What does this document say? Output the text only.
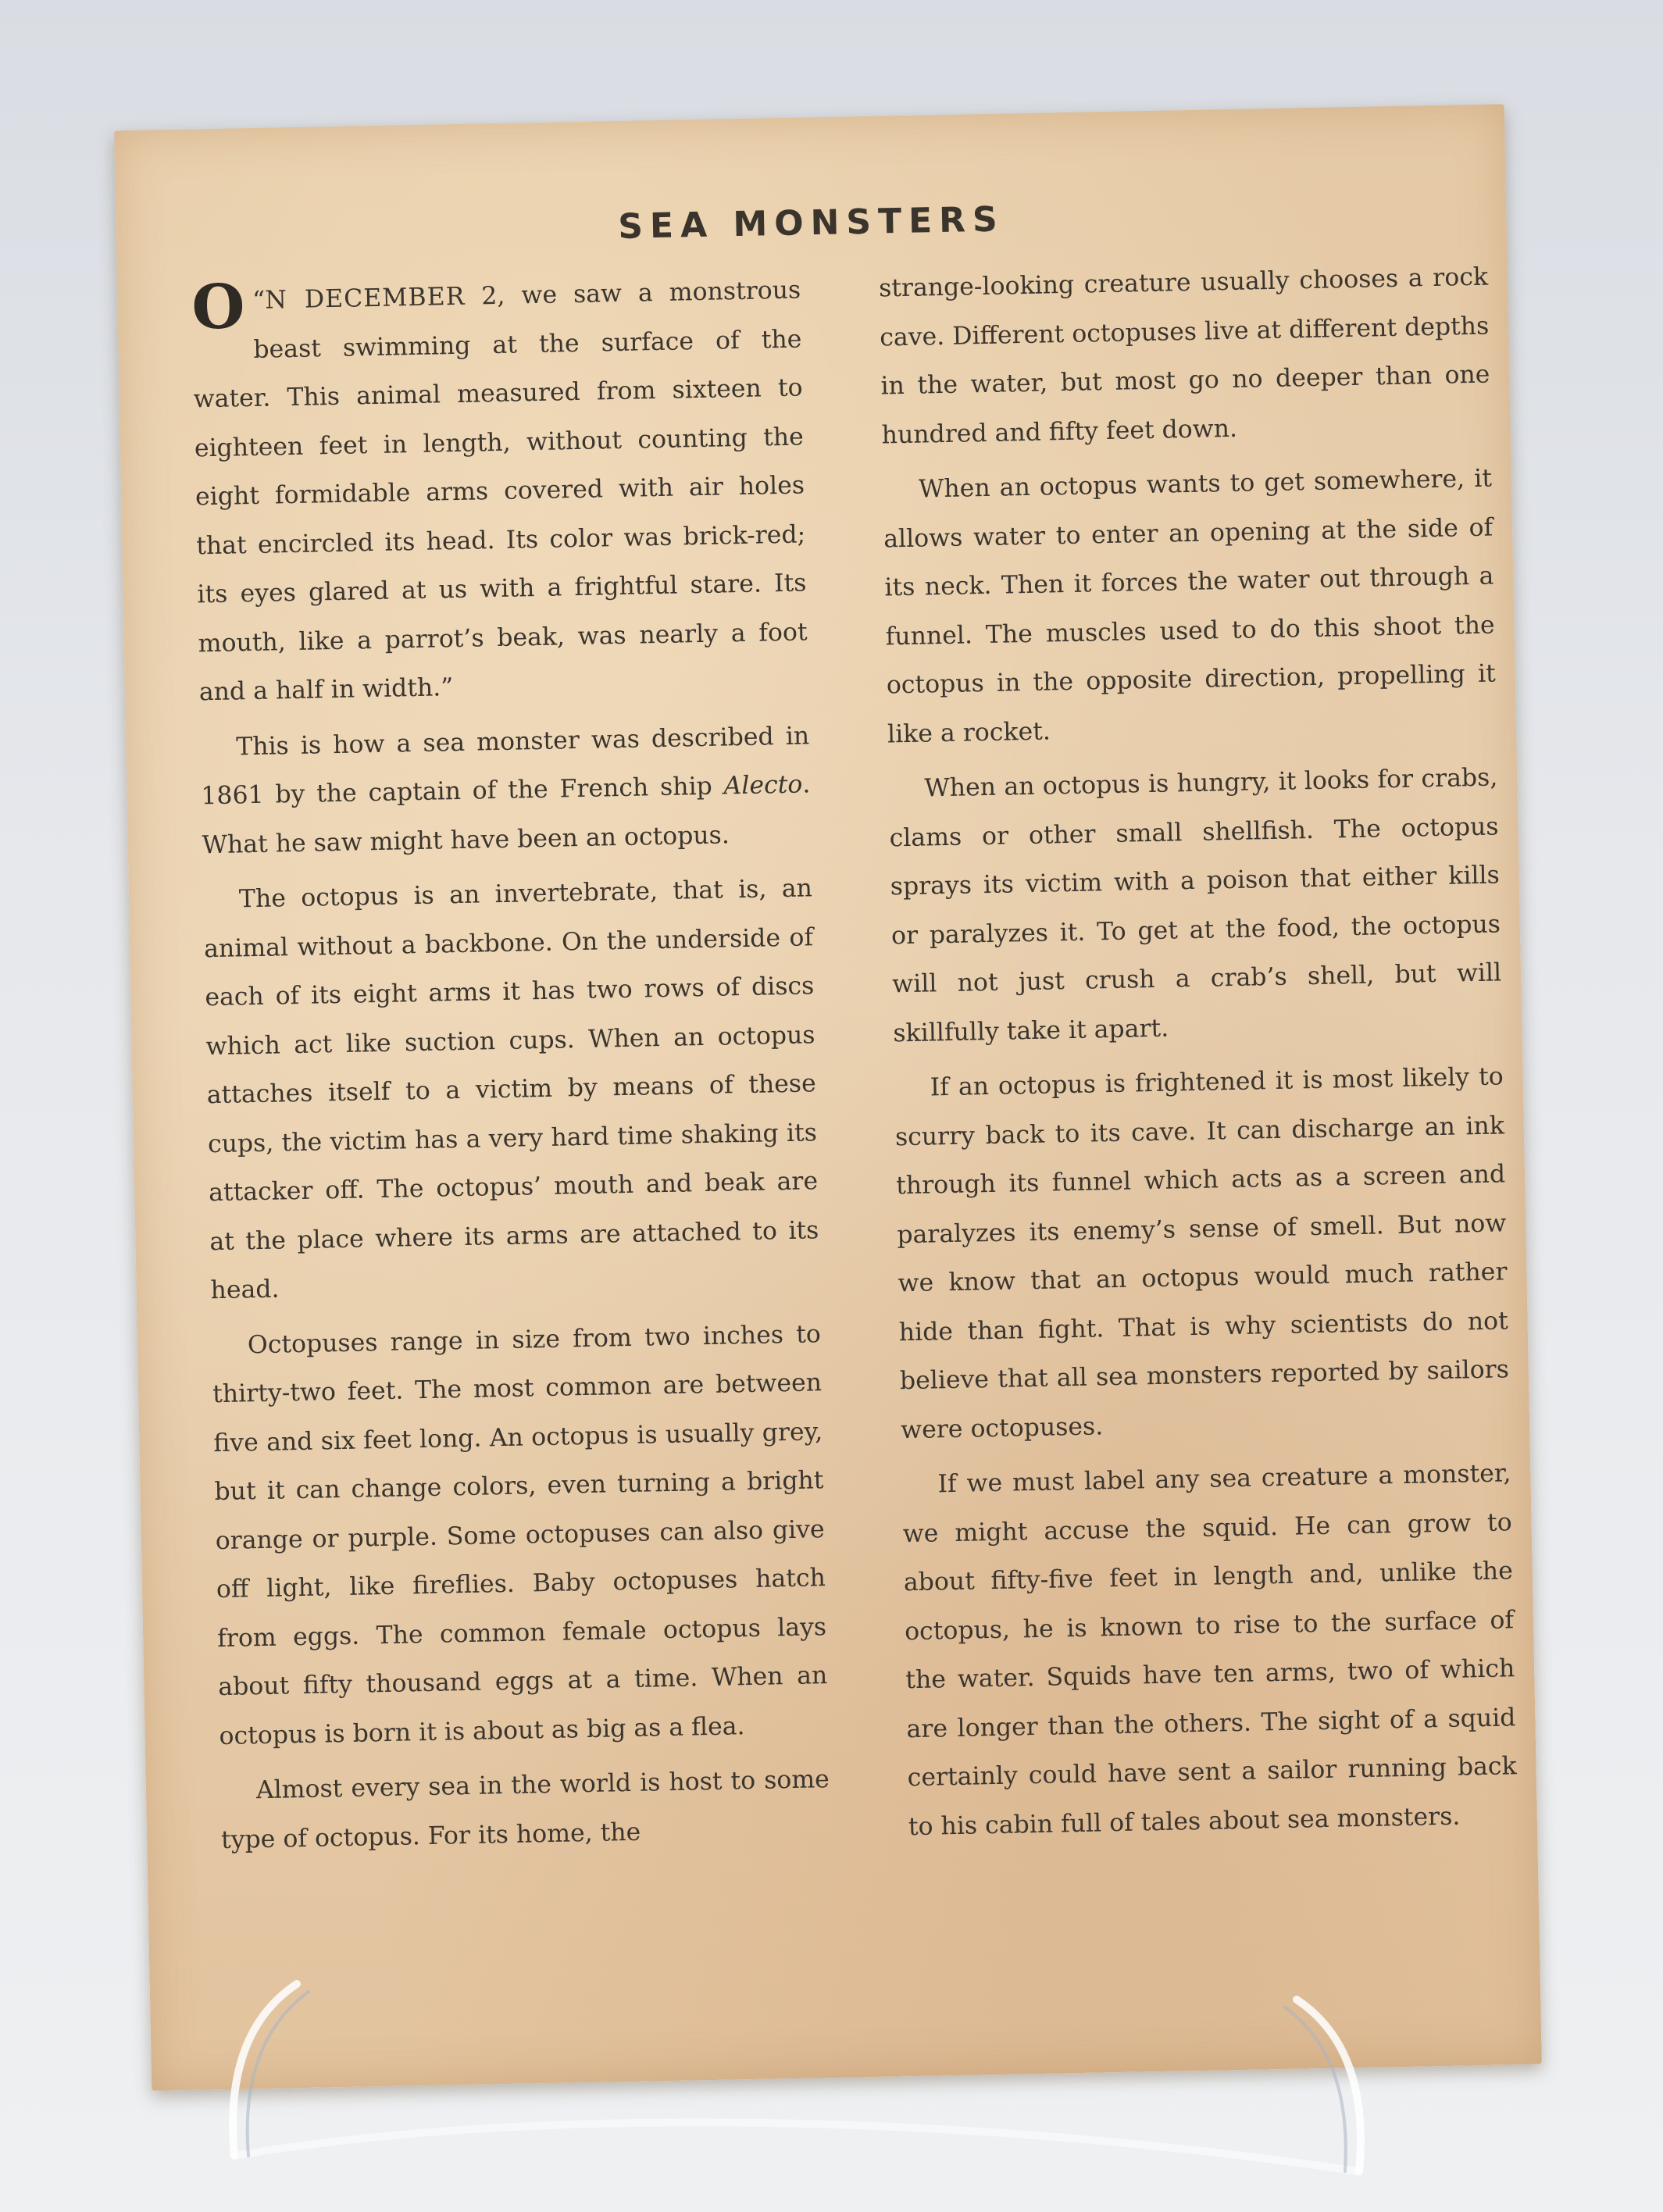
SEA MONSTERS

“
O N DECEMBER 2, we saw a monstrous beast swimming at the surface of the water. This animal measured from sixteen to eighteen feet in length, without counting the eight formidable arms covered with air holes that encircled its head. Its color was brick-red; its eyes glared at us with a frightful stare. Its mouth, like a parrot’s beak, was nearly a foot and a half in width.”

This is how a sea monster was described in 1861 by the captain of the French ship Alecto. What he saw might have been an octopus.

The octopus is an invertebrate, that is, an animal without a backbone. On the underside of each of its eight arms it has two rows of discs which act like suction cups. When an octopus attaches itself to a victim by means of these cups, the victim has a very hard time shaking its attacker off. The octopus’ mouth and beak are at the place where its arms are attached to its head.

Octopuses range in size from two inches to thirty-two feet. The most common are between five and six feet long. An octopus is usually grey, but it can change colors, even turning a bright orange or purple. Some octopuses can also give off light, like fireflies. Baby octopuses hatch from eggs. The common female octopus lays about fifty thousand eggs at a time. When an octopus is born it is about as big as a flea.

Almost every sea in the world is host to some type of octopus. For its home, the

strange-looking creature usually chooses a rock cave. Different octopuses live at different depths in the water, but most go no deeper than one hundred and fifty feet down.

When an octopus wants to get somewhere, it allows water to enter an opening at the side of its neck. Then it forces the water out through a funnel. The muscles used to do this shoot the octopus in the opposite direction, propelling it like a rocket.

When an octopus is hungry, it looks for crabs, clams or other small shellfish. The octopus sprays its victim with a poison that either kills or paralyzes it. To get at the food, the octopus will not just crush a crab’s shell, but will skillfully take it apart.

If an octopus is frightened it is most likely to scurry back to its cave. It can discharge an ink through its funnel which acts as a screen and paralyzes its enemy’s sense of smell. But now we know that an octopus would much rather hide than fight. That is why scientists do not believe that all sea monsters reported by sailors were octopuses.

If we must label any sea creature a monster, we might accuse the squid. He can grow to about fifty-five feet in length and, unlike the octopus, he is known to rise to the surface of the water. Squids have ten arms, two of which are longer than the others. The sight of a squid certainly could have sent a sailor running back to his cabin full of tales about sea monsters.
